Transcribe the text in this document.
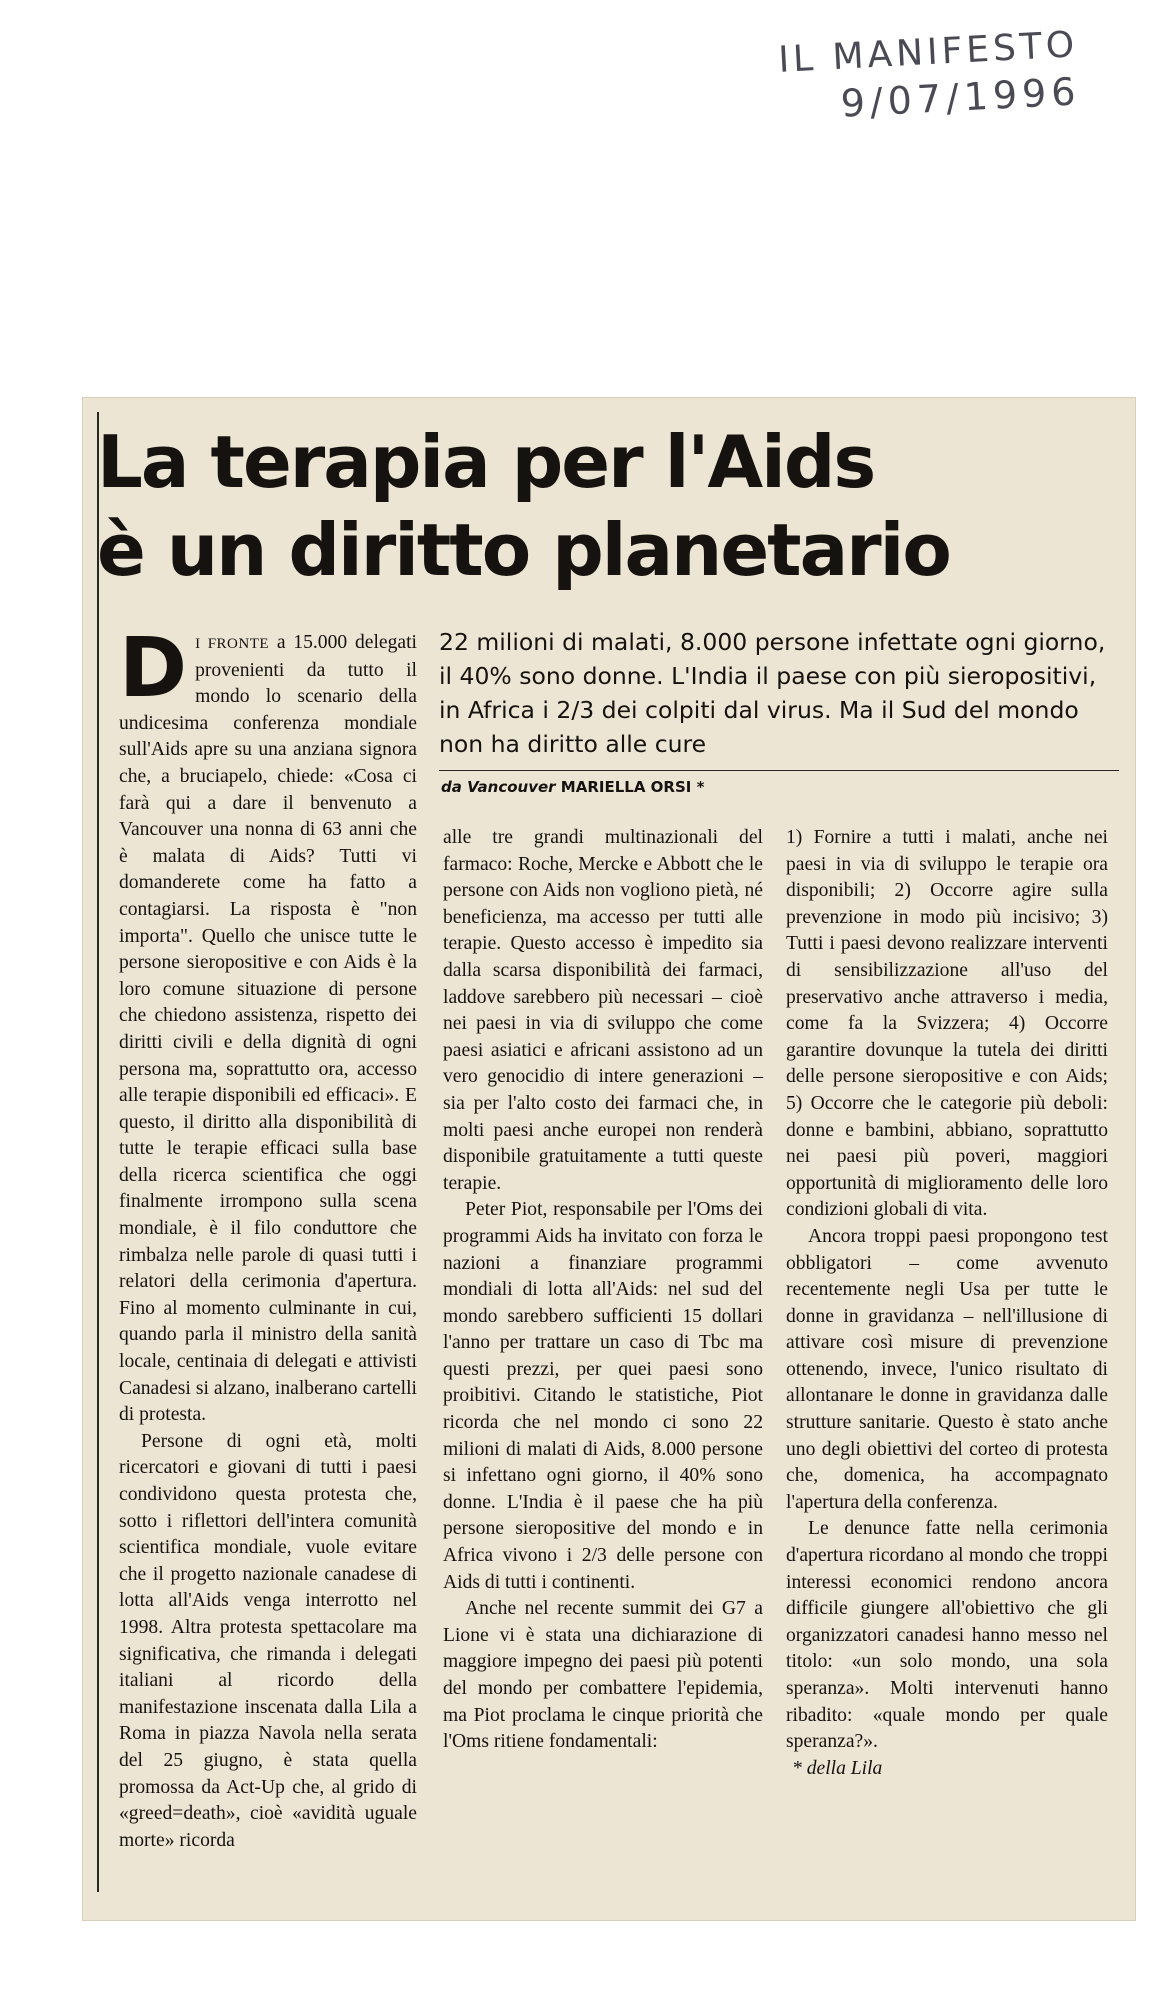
IL MANIFESTO
9/07/1996
La terapia per l'Aids
è un diritto planetario

22 milioni di malati, 8.000 persone infettate ogni giorno, il 40% sono donne. L'India il paese con più sieropositivi, in Africa i 2/3 dei colpiti dal virus. Ma il Sud del mondo non ha diritto alle cure

da Vancouver MARIELLA ORSI *

D I FRONTE a 15.000 delegati provenienti da tutto il mondo lo scenario della undicesima conferenza mondiale sull'Aids apre su una anziana signora che, a bruciapelo, chiede: «Cosa ci farà qui a dare il benvenuto a Vancouver una nonna di 63 anni che è malata di Aids? Tutti vi domanderete come ha fatto a contagiarsi. La risposta è "non importa". Quello che unisce tutte le persone sieropositive e con Aids è la loro comune situazione di persone che chiedono assistenza, rispetto dei diritti civili e della dignità di ogni persona ma, soprattutto ora, accesso alle terapie disponibili ed efficaci». E questo, il diritto alla disponibilità di tutte le terapie efficaci sulla base della ricerca scientifica che oggi finalmente irrompono sulla scena mondiale, è il filo conduttore che rimbalza nelle parole di quasi tutti i relatori della cerimonia d'apertura. Fino al momento culminante in cui, quando parla il ministro della sanità locale, centinaia di delegati e attivisti Canadesi si alzano, inalberano cartelli di protesta.

Persone di ogni età, molti ricercatori e giovani di tutti i paesi condividono questa protesta che, sotto i riflettori dell'intera comunità scientifica mondiale, vuole evitare che il progetto nazionale canadese di lotta all'Aids venga interrotto nel 1998. Altra protesta spettacolare ma significativa, che rimanda i delegati italiani al ricordo della manifestazione inscenata dalla Lila a Roma in piazza Navola nella serata del 25 giugno, è stata quella promossa da Act-Up che, al grido di «greed=death», cioè «avidità uguale morte» ricorda

alle tre grandi multinazionali del farmaco: Roche, Mercke e Abbott che le persone con Aids non vogliono pietà, né beneficienza, ma accesso per tutti alle terapie. Questo accesso è impedito sia dalla scarsa disponibilità dei farmaci, laddove sarebbero più necessari – cioè nei paesi in via di sviluppo che come paesi asiatici e africani assistono ad un vero genocidio di intere generazioni – sia per l'alto costo dei farmaci che, in molti paesi anche europei non renderà disponibile gratuitamente a tutti queste terapie.

Peter Piot, responsabile per l'Oms dei programmi Aids ha invitato con forza le nazioni a finanziare programmi mondiali di lotta all'Aids: nel sud del mondo sarebbero sufficienti 15 dollari l'anno per trattare un caso di Tbc ma questi prezzi, per quei paesi sono proibitivi. Citando le statistiche, Piot ricorda che nel mondo ci sono 22 milioni di malati di Aids, 8.000 persone si infettano ogni giorno, il 40% sono donne. L'India è il paese che ha più persone sieropositive del mondo e in Africa vivono i 2/3 delle persone con Aids di tutti i continenti.

Anche nel recente summit dei G7 a Lione vi è stata una dichiarazione di maggiore impegno dei paesi più potenti del mondo per combattere l'epidemia, ma Piot proclama le cinque priorità che l'Oms ritiene fondamentali:

1) Fornire a tutti i malati, anche nei paesi in via di sviluppo le terapie ora disponibili; 2) Occorre agire sulla prevenzione in modo più incisivo; 3) Tutti i paesi devono realizzare interventi di sensibilizzazione all'uso del preservativo anche attraverso i media, come fa la Svizzera; 4) Occorre garantire dovunque la tutela dei diritti delle persone sieropositive e con Aids; 5) Occorre che le categorie più deboli: donne e bambini, abbiano, soprattutto nei paesi più poveri, maggiori opportunità di miglioramento delle loro condizioni globali di vita.

Ancora troppi paesi propongono test obbligatori – come avvenuto recentemente negli Usa per tutte le donne in gravidanza – nell'illusione di attivare così misure di prevenzione ottenendo, invece, l'unico risultato di allontanare le donne in gravidanza dalle strutture sanitarie. Questo è stato anche uno degli obiettivi del corteo di protesta che, domenica, ha accompagnato l'apertura della conferenza.

Le denunce fatte nella cerimonia d'apertura ricordano al mondo che troppi interessi economici rendono ancora difficile giungere all'obiettivo che gli organizzatori canadesi hanno messo nel titolo: «un solo mondo, una sola speranza». Molti intervenuti hanno ribadito: «quale mondo per quale speranza?».

* della Lila
